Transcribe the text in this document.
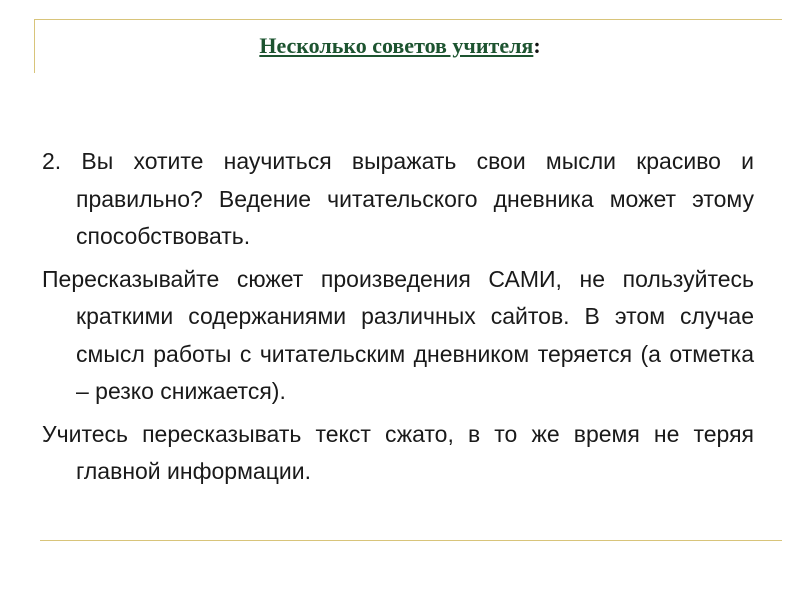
Несколько советов учителя:

2. Вы хотите научиться выражать свои мысли красиво и правильно? Ведение читательского дневника может этому способствовать.

Пересказывайте сюжет произведения САМИ, не пользуйтесь краткими содержаниями различных сайтов. В этом случае смысл работы с читательским дневником теряется (а отметка – резко снижается).

Учитесь пересказывать текст сжато, в то же время не теряя главной информации.
